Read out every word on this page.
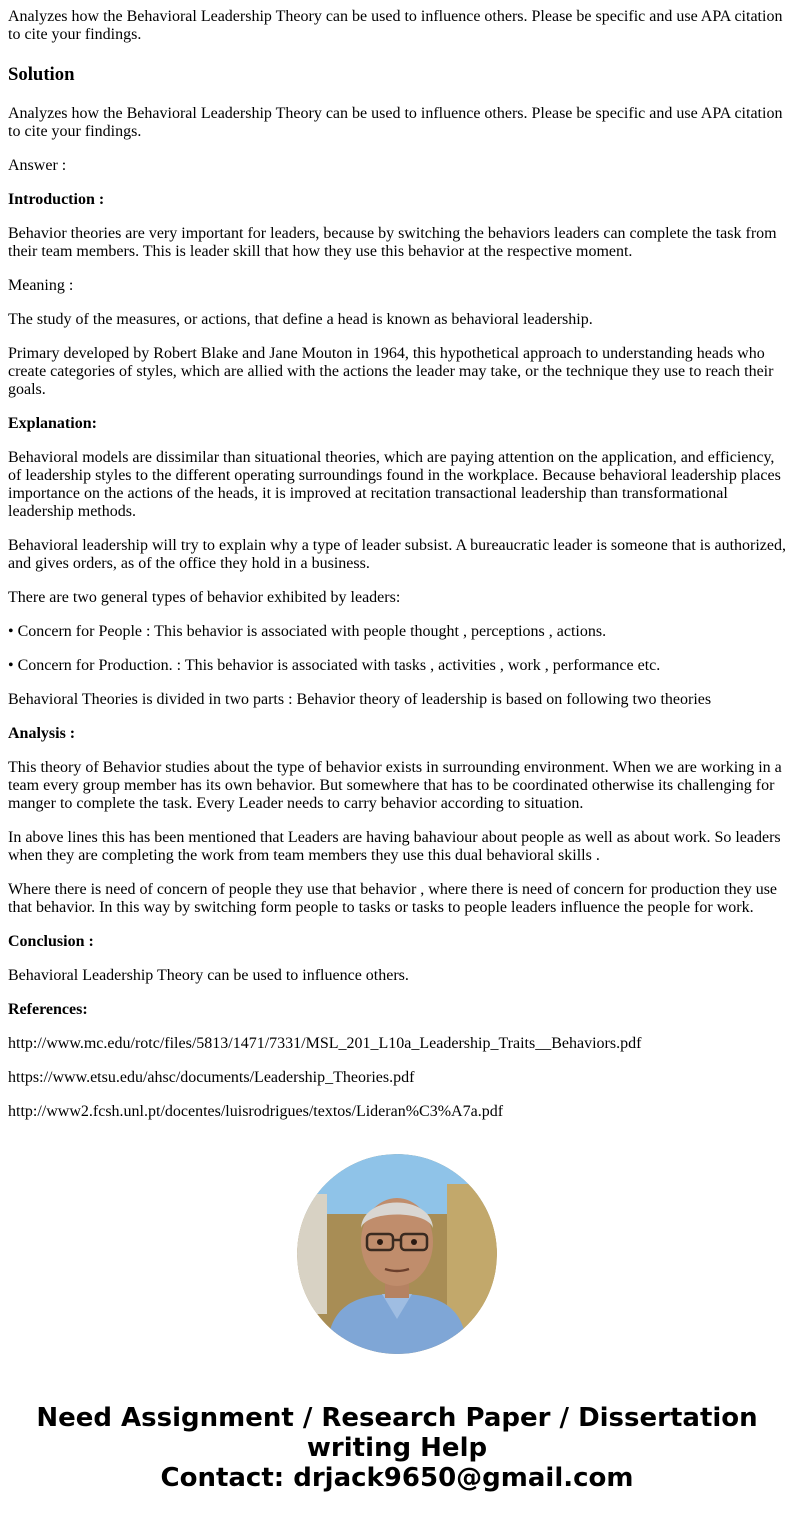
Analyzes how the Behavioral Leadership Theory can be used to influence others. Please be specific and use APA citation to cite your findings.

Solution

Analyzes how the Behavioral Leadership Theory can be used to influence others. Please be specific and use APA citation to cite your findings.

Answer :

Introduction :

Behavior theories are very important for leaders, because by switching the behaviors leaders can complete the task from their team members. This is leader skill that how they use this behavior at the respective moment.

Meaning :

The study of the measures, or actions, that define a head is known as behavioral leadership.

Primary developed by Robert Blake and Jane Mouton in 1964, this hypothetical approach to understanding heads who create categories of styles, which are allied with the actions the leader may take, or the technique they use to reach their goals.

Explanation:

Behavioral models are dissimilar than situational theories, which are paying attention on the application, and efficiency, of leadership styles to the different operating surroundings found in the workplace. Because behavioral leadership places importance on the actions of the heads, it is improved at recitation transactional leadership than transformational leadership methods.

Behavioral leadership will try to explain why a type of leader subsist. A bureaucratic leader is someone that is authorized, and gives orders, as of the office they hold in a business.

There are two general types of behavior exhibited by leaders:

• Concern for People : This behavior is associated with people thought , perceptions , actions.

• Concern for Production. : This behavior is associated with tasks , activities , work , performance etc.

Behavioral Theories is divided in two parts : Behavior theory of leadership is based on following two theories

Analysis :

This theory of Behavior studies about the type of behavior exists in surrounding environment. When we are working in a team every group member has its own behavior. But somewhere that has to be coordinated otherwise its challenging for manger to complete the task. Every Leader needs to carry behavior according to situation.

In above lines this has been mentioned that Leaders are having bahaviour about people as well as about work. So leaders when they are completing the work from team members they use this dual behavioral skills .

Where there is need of concern of people they use that behavior , where there is need of concern for production they use that behavior. In this way by switching form people to tasks or tasks to people leaders influence the people for work.

Conclusion :

Behavioral Leadership Theory can be used to influence others.

References:

http://www.mc.edu/rotc/files/5813/1471/7331/MSL_201_L10a_Leadership_Traits__Behaviors.pdf

https://www.etsu.edu/ahsc/documents/Leadership_Theories.pdf

http://www2.fcsh.unl.pt/docentes/luisrodrigues/textos/Lideran%C3%A7a.pdf

Need Assignment / Research Paper / Dissertation
writing Help
Contact: drjack9650@gmail.com
